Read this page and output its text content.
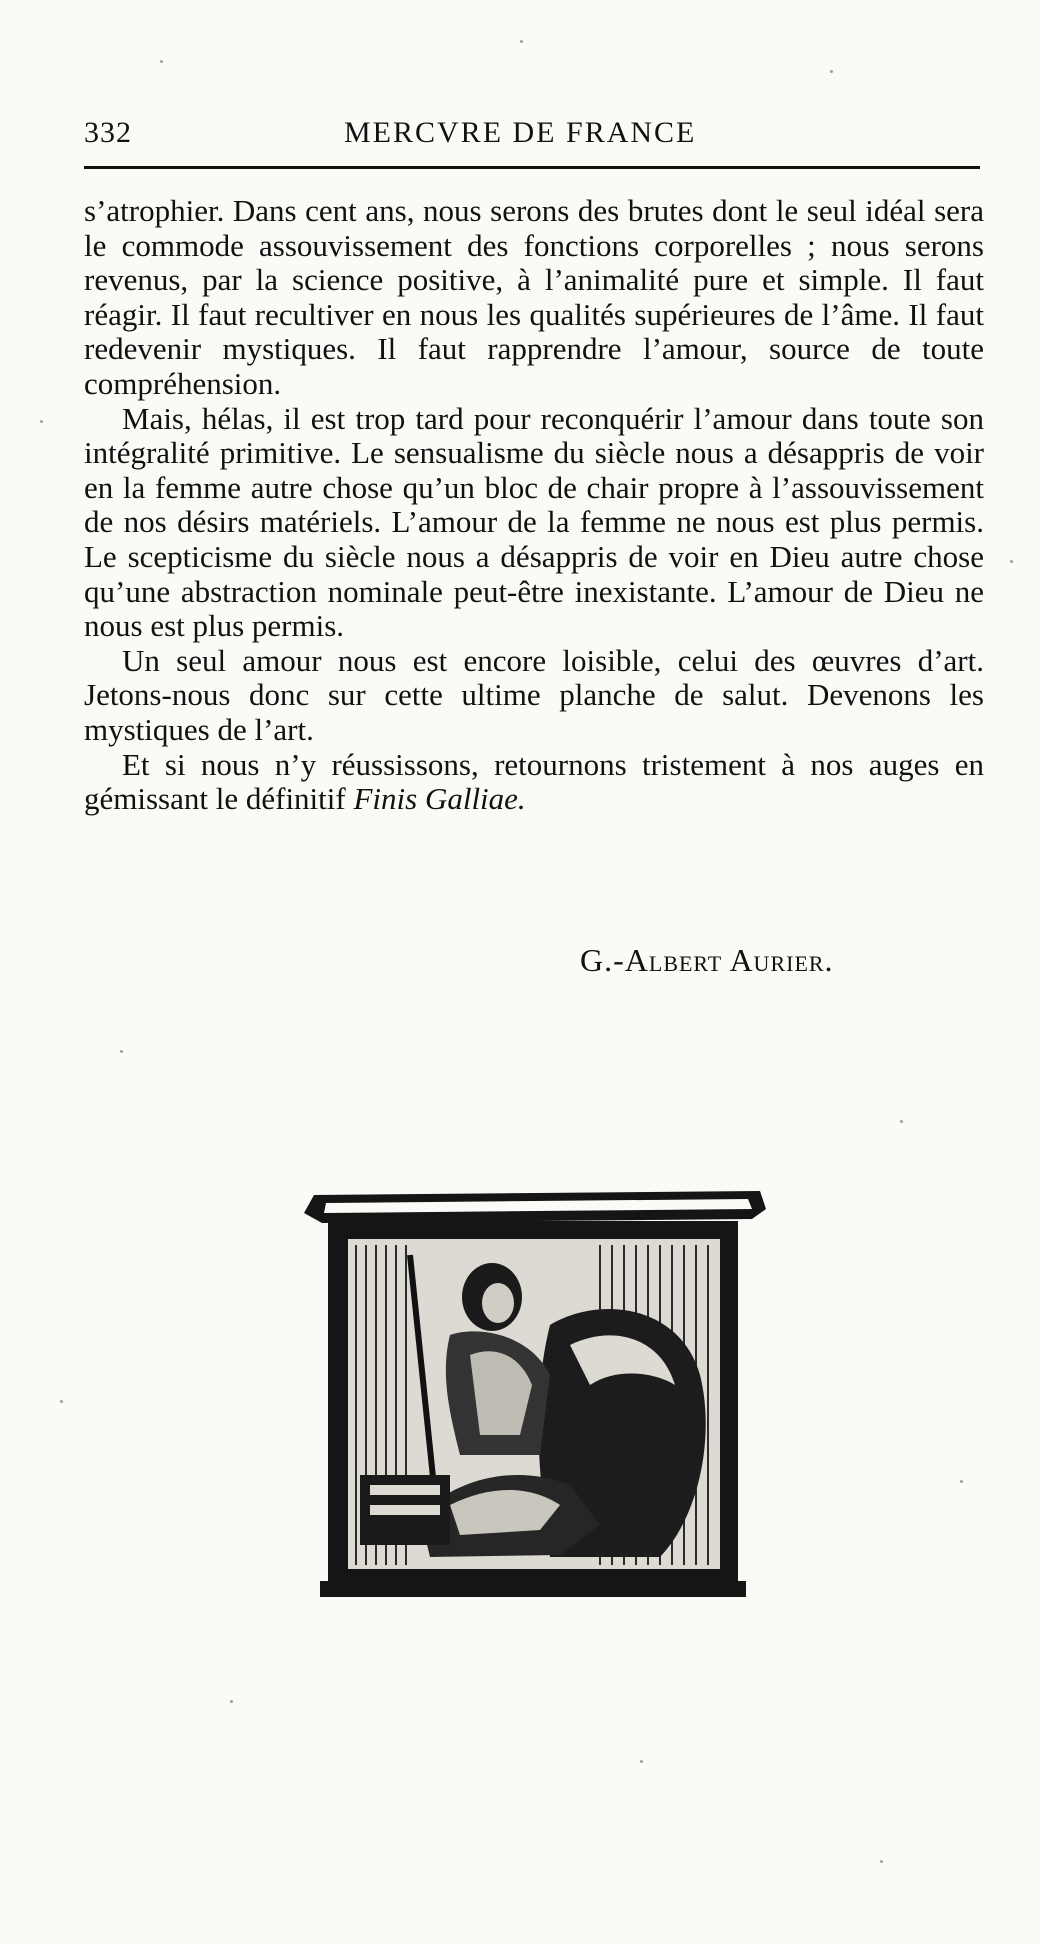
332	MERCVRE DE FRANCE

s’atrophier. Dans cent ans, nous serons des brutes dont le seul idéal sera le commode assouvissement des fonctions corporelles ; nous serons revenus, par la science positive, à l’animalité pure et simple. Il faut réagir. Il faut recultiver en nous les qualités supérieures de l’âme. Il faut redevenir mystiques. Il faut rapprendre l’amour, source de toute compréhension.

Mais, hélas, il est trop tard pour reconquérir l’amour dans toute son intégralité primitive. Le sensualisme du siècle nous a désappris de voir en la femme autre chose qu’un bloc de chair propre à l’assouvissement de nos désirs matériels. L’amour de la femme ne nous est plus permis. Le scepticisme du siècle nous a désappris de voir en Dieu autre chose qu’une abstraction nominale peut-être inexistante. L’amour de Dieu ne nous est plus permis.

Un seul amour nous est encore loisible, celui des œuvres d’art. Jetons-nous donc sur cette ultime planche de salut. Devenons les mystiques de l’art.

Et si nous n’y réussissons, retournons tristement à nos auges en gémissant le définitif Finis Galliae.

G.-Albert Aurier.
